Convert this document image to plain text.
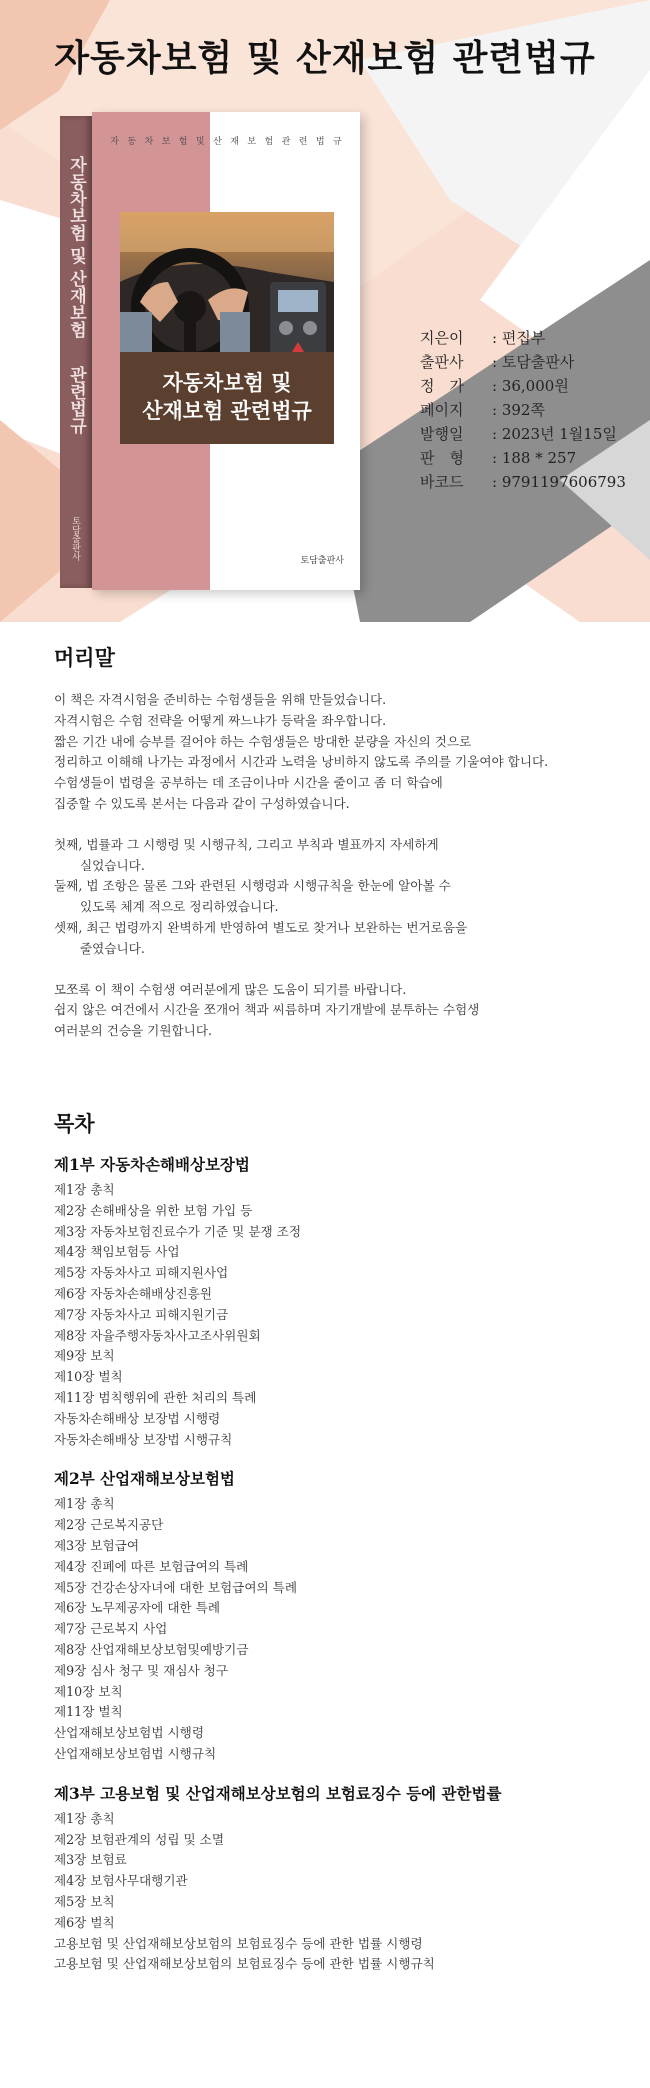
자동차보험 및 산재보험 관련법규
자동차보험 및 산재보험 관련법규
토담출판사
자 동 차 보 험 및 산 재 보 험 관 련 법 규
자동차보험 및
산재보험 관련법규
토담출판사
지은이 : 편집부
출판사 : 토담출판사
정　가 : 36,000원
페이지 : 392쪽
발행일 : 2023년 1월15일
판　형 : 188 * 257
바코드 : 9791197606793
머리말

이 책은 자격시험을 준비하는 수험생들을 위해 만들었습니다.

자격시험은 수험 전략을 어떻게 짜느냐가 등락을 좌우합니다.

짧은 기간 내에 승부를 걸어야 하는 수험생들은 방대한 분량을 자신의 것으로

정리하고 이해해 나가는 과정에서 시간과 노력을 낭비하지 않도록 주의를 기울여야 합니다.

수험생들이 법령을 공부하는 데 조금이나마 시간을 줄이고 좀 더 학습에

집중할 수 있도록 본서는 다음과 같이 구성하였습니다.

첫째, 법률과 그 시행령 및 시행규칙, 그리고 부칙과 별표까지 자세하게

실었습니다.

둘째, 법 조항은 물론 그와 관련된 시행령과 시행규칙을 한눈에 알아볼 수

있도록 체계 적으로 정리하였습니다.

셋째, 최근 법령까지 완벽하게 반영하여 별도로 찾거나 보완하는 번거로움을

줄였습니다.

모쪼록 이 책이 수험생 여러분에게 많은 도움이 되기를 바랍니다.

쉽지 않은 여건에서 시간을 쪼개어 책과 씨름하며 자기개발에 분투하는 수험생

여러분의 건승을 기원합니다.

목차
제1부 자동차손해배상보장법
제1장 총칙
제2장 손해배상을 위한 보험 가입 등
제3장 자동차보험진료수가 기준 및 분쟁 조정
제4장 책임보험등 사업
제5장 자동차사고 피해지원사업
제6장 자동차손해배상진흥원
제7장 자동차사고 피해지원기금
제8장 자율주행자동차사고조사위원회
제9장 보칙
제10장 벌칙
제11장 범칙행위에 관한 처리의 특례
자동차손해배상 보장법 시행령
자동차손해배상 보장법 시행규칙
제2부 산업재해보상보험법
제1장 총칙
제2장 근로복지공단
제3장 보험급여
제4장 진폐에 따른 보험급여의 특례
제5장 건강손상자녀에 대한 보험급여의 특례
제6장 노무제공자에 대한 특례
제7장 근로복지 사업
제8장 산업재해보상보험및예방기금
제9장 심사 청구 및 재심사 청구
제10장 보칙
제11장 벌칙
산업재해보상보험법 시행령
산업재해보상보험법 시행규칙
제3부 고용보험 및 산업재해보상보험의 보험료징수 등에 관한법률
제1장 총칙
제2장 보험관계의 성립 및 소멸
제3장 보험료
제4장 보험사무대행기관
제5장 보칙
제6장 벌칙
고용보험 및 산업재해보상보험의 보험료징수 등에 관한 법률 시행령
고용보험 및 산업재해보상보험의 보험료징수 등에 관한 법률 시행규칙
